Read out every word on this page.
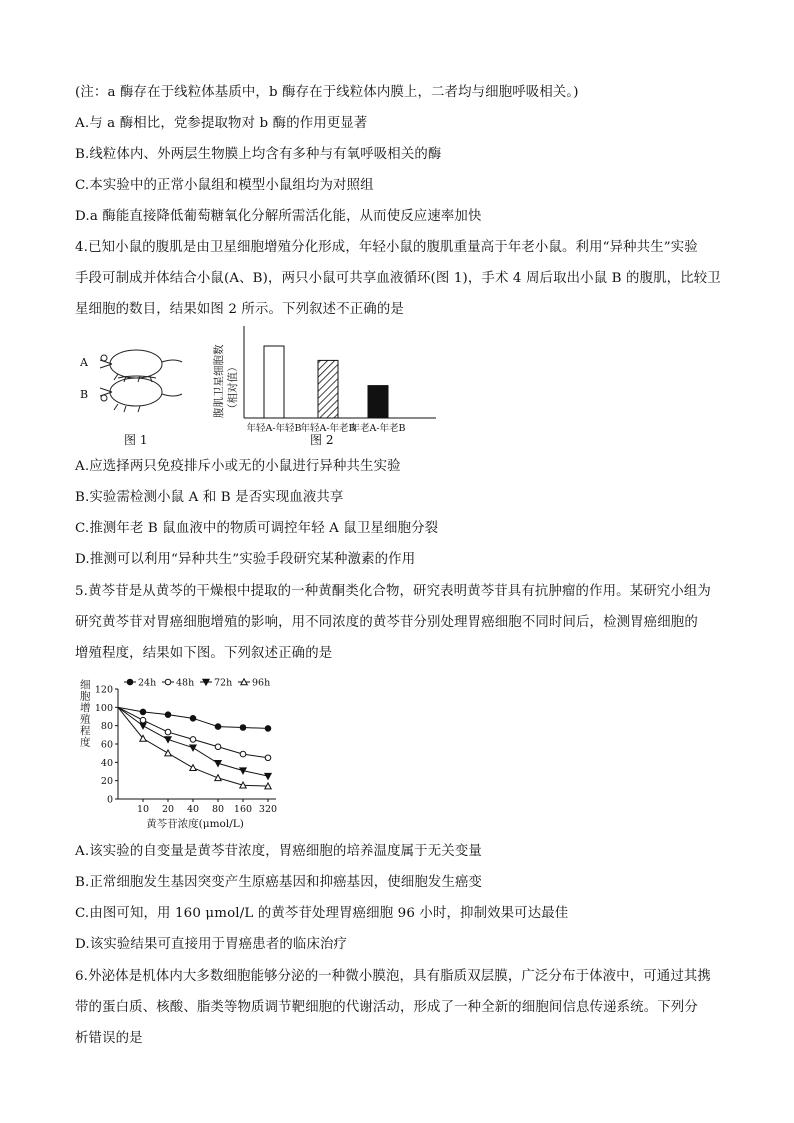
(注：a 酶存在于线粒体基质中，b 酶存在于线粒体内膜上，二者均与细胞呼吸相关。)
A.与 a 酶相比，党参提取物对 b 酶的作用更显著
B.线粒体内、外两层生物膜上均含有多种与有氧呼吸相关的酶
C.本实验中的正常小鼠组和模型小鼠组均为对照组
D.a 酶能直接降低葡萄糖氧化分解所需活化能，从而使反应速率加快
4.已知小鼠的腹肌是由卫星细胞增殖分化形成，年轻小鼠的腹肌重量高于年老小鼠。利用“异种共生”实验
手段可制成并体结合小鼠(A、B)，两只小鼠可共享血液循环(图 1)，手术 4 周后取出小鼠 B 的腹肌，比较卫
星细胞的数目，结果如图 2 所示。下列叙述不正确的是
A
B
图 1
腹肌卫星细胞数 （相对值）
年轻A-年轻B
年轻A-年老B
年老A-年老B
图 2
A.应选择两只免疫排斥小或无的小鼠进行异种共生实验
B.实验需检测小鼠 A 和 B 是否实现血液共享
C.推测年老 B 鼠血液中的物质可调控年轻 A 鼠卫星细胞分裂
D.推测可以利用“异种共生”实验手段研究某种激素的作用
5.黄芩苷是从黄芩的干燥根中提取的一种黄酮类化合物，研究表明黄芩苷具有抗肿瘤的作用。某研究小组为
研究黄芩苷对胃癌细胞增殖的影响，用不同浓度的黄芩苷分别处理胃癌细胞不同时间后，检测胃癌细胞的
增殖程度，结果如下图。下列叙述正确的是
细
胞
增
殖
程
度
0
20
40
60
80
100
120
10 20 40 80 160 320
黄芩苷浓度(μmol/L)
24h 48h 72h 96h
A.该实验的自变量是黄芩苷浓度，胃癌细胞的培养温度属于无关变量
B.正常细胞发生基因突变产生原癌基因和抑癌基因，使细胞发生癌变
C.由图可知，用 160 μmol/L 的黄芩苷处理胃癌细胞 96 小时，抑制效果可达最佳
D.该实验结果可直接用于胃癌患者的临床治疗
6.外泌体是机体内大多数细胞能够分泌的一种微小膜泡，具有脂质双层膜，广泛分布于体液中，可通过其携
带的蛋白质、核酸、脂类等物质调节靶细胞的代谢活动，形成了一种全新的细胞间信息传递系统。下列分
析错误的是
